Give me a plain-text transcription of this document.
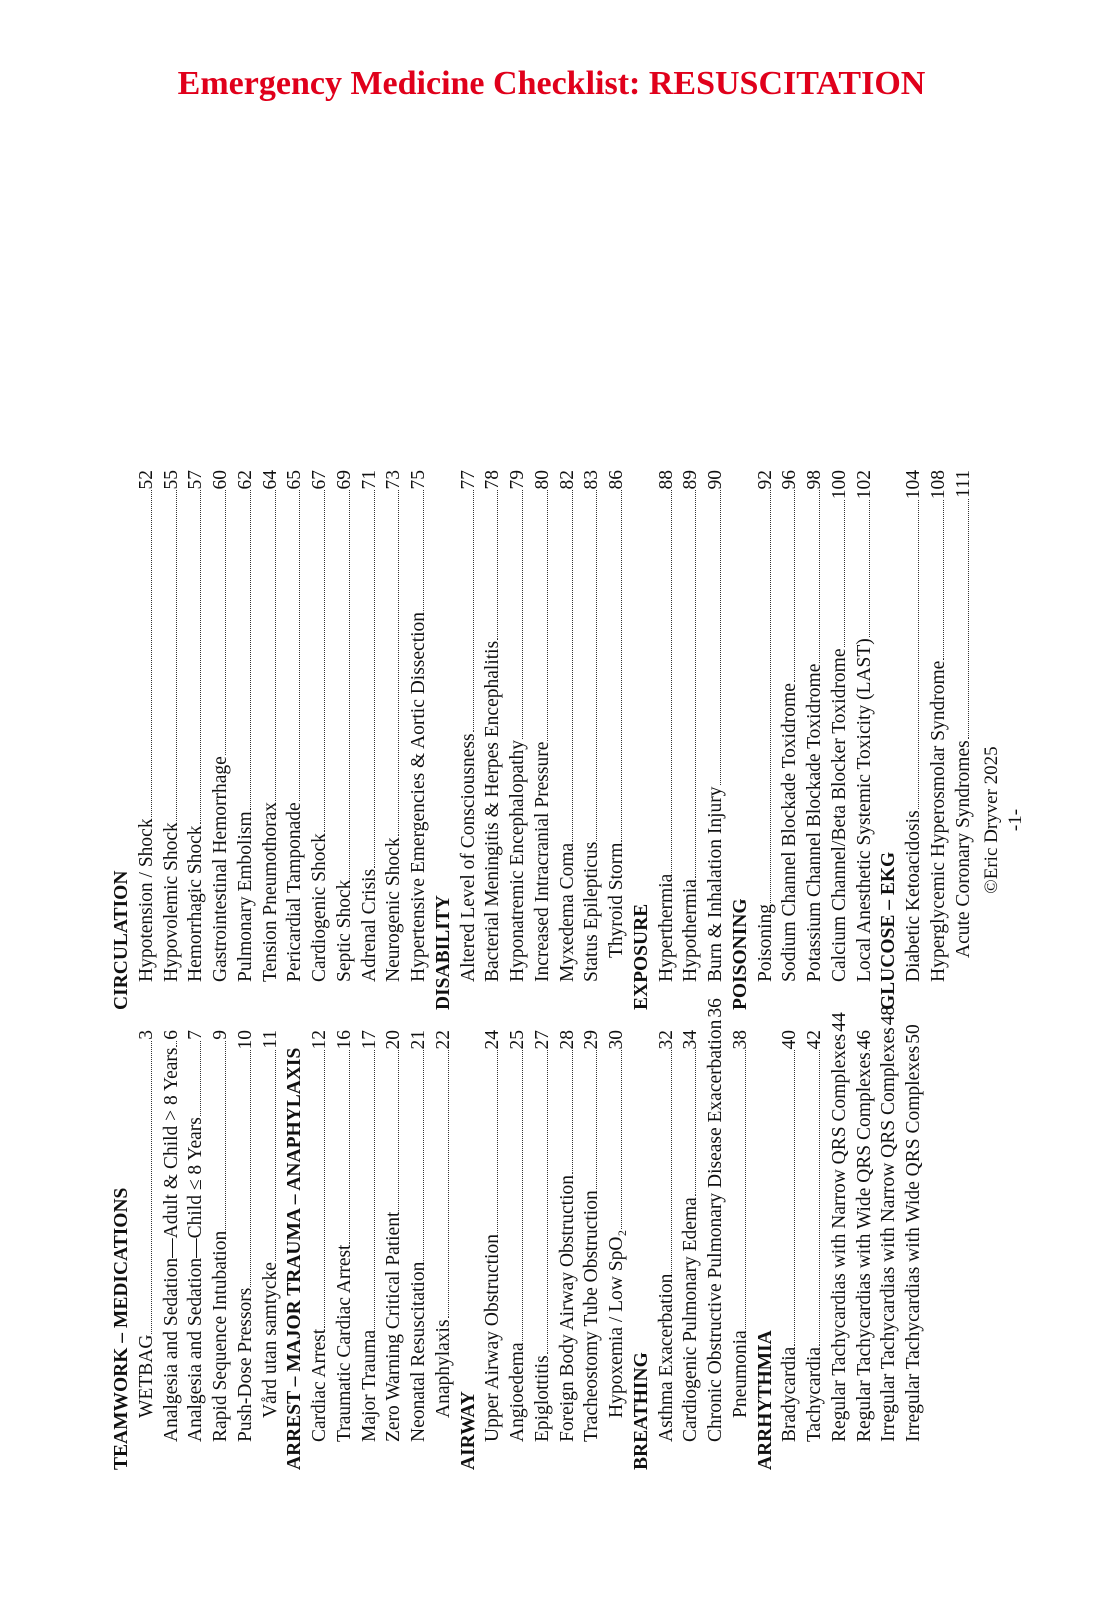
Emergency Medicine Checklist: RESUSCITATION
TEAMWORK – MEDICATIONS WETBAG
3
Analgesia and Sedation—Adult & Child > 8 Years
6
Analgesia and Sedation—Child ≤ 8 Years
7
Rapid Sequence Intubation
9
Push-Dose Pressors
10
Vård utan samtycke
11
ARREST – MAJOR TRAUMA – ANAPHYLAXIS Cardiac Arrest
12
Traumatic Cardiac Arrest
16
Major Trauma
17
Zero Warning Critical Patient
20
Neonatal Resuscitation
21
Anaphylaxis
22
AIRWAY Upper Airway Obstruction
24
Angioedema
25
Epiglottitis
27
Foreign Body Airway Obstruction
28
Tracheostomy Tube Obstruction
29
Hypoxemia / Low SpO₂
30
BREATHING Asthma Exacerbation
32
Cardiogenic Pulmonary Edema
34 Chronic Obstructive Pulmonary Disease Exacerbation
36
Pneumonia
38
ARRHYTHMIA Bradycardia
40
Tachycardia
42 Regular Tachycardias with Narrow QRS Complexes
44
Regular Tachycardias with Wide QRS Complexes
46 Irregular Tachycardias with Narrow QRS Complexes
48
Irregular Tachycardias with Wide QRS Complexes
50
CIRCULATION Hypotension / Shock
52
Hypovolemic Shock
55
Hemorrhagic Shock
57
Gastrointestinal Hemorrhage
60
Pulmonary Embolism
62
Tension Pneumothorax
64
Pericardial Tamponade
65
Cardiogenic Shock
67
Septic Shock
69
Adrenal Crisis
71
Neurogenic Shock
73
Hypertensive Emergencies & Aortic Dissection
75
DISABILITY Altered Level of Consciousness
77
Bacterial Meningitis & Herpes Encephalitis
78
Hyponatremic Encephalopathy
79
Increased Intracranial Pressure
80
Myxedema Coma
82
Status Epilepticus
83
Thyroid Storm
86
EXPOSURE Hyperthermia
88
Hypothermia
89
Burn & Inhalation Injury
90
POISONING Poisoning
92
Sodium Channel Blockade Toxidrome
96
Potassium Channel Blockade Toxidrome
98
Calcium Channel/Beta Blocker Toxidrome
100
Local Anesthetic Systemic Toxicity (LAST)
102
GLUCOSE – EKG Diabetic Ketoacidosis
104
Hyperglycemic Hyperosmolar Syndrome
108
Acute Coronary Syndromes
111
©Eric Dryver 2025 -1-
